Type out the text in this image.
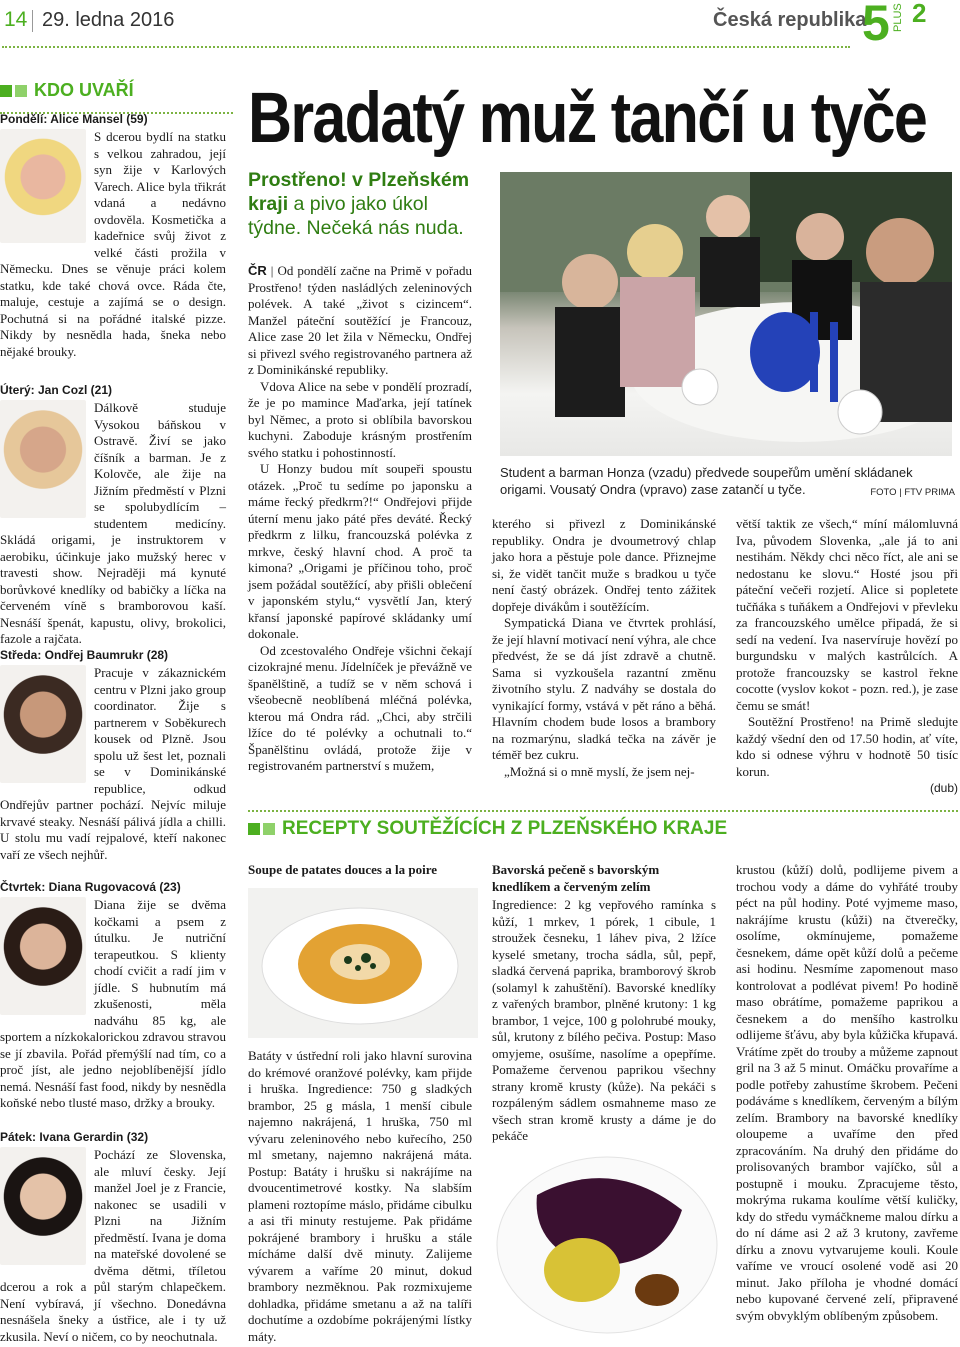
14 29. ledna 2016	Česká republika
5 PLUS 2
KDO UVAŘÍ
Pondělí: Alice Mansel (59)
S dcerou bydlí na statku s velkou zahradou, její syn žije v Karlových Varech. Alice byla třikrát vdaná a nedávno ovdověla. Kosmetička a kadeřnice svůj život z velké části prožila v Německu. Dnes se věnuje práci kolem statku, kde také chová ovce. Ráda čte, maluje, cestuje a zajímá se o design. Pochutná si na pořádné italské pizze. Nikdy by nesnědla hada, šneka nebo nějaké brouky.
Úterý: Jan Cozl (21)
Dálkově studuje Vysokou báňskou v Ostravě. Živí se jako číšník a barman. Je z Kolovče, ale žije na Jižním předměstí v Plzni se spolubydlícím – studentem medicíny. Skládá origami, je instruktorem v aerobiku, účinkuje jako mužský herec v travesti show. Nejraději má kynuté borůvkové knedlíky od babičky a líčka na červeném víně s bramborovou kaší. Nesnáší špenát, kapustu, olivy, brokolici, fazole a rajčata.
Středa: Ondřej Baumrukr (28)
Pracuje v zákaznickém centru v Plzni jako group coordinator. Žije s partnerem v Soběkurech kousek od Plzně. Jsou spolu už šest let, poznali se v Dominikánské republice, odkud Ondřejův partner pochází. Nejvíc miluje krvavé steaky. Nesnáší pálivá jídla a chilli. U stolu mu vadí rejpalové, kteří nakonec vaří ze všech nejhůř.
Čtvrtek: Diana Rugovacová (23)
Diana žije se dvěma kočkami a psem z útulku. Je nutriční terapeutkou. S klienty chodí cvičit a radí jim v jídle. S hubnutím má zkušenosti, měla nadváhu 85 kg, ale sportem a nízkokalorickou zdravou stravou se jí zbavila. Pořád přemýšlí nad tím, co a proč jíst, ale jedno nejoblíbenější jídlo nemá. Nesnáší fast food, nikdy by nesnědla koňské nebo tlusté maso, držky a brouky.
Pátek: Ivana Gerardin (32)
Pochází ze Slovenska, ale mluví česky. Její manžel Joel je z Francie, nakonec se usadili v Plzni na Jižním předměstí. Ivana je doma na mateřské dovolené se dvěma dětmi, tříletou dcerou a rok a půl starým chlapečkem. Není vybíravá, jí všechno. Donedávna nesnášela šneky a ústřice, ale i ty už zkusila. Neví o ničem, co by neochutnala.
Bradatý muž tančí u tyče
Prostřeno! v Plzeňském kraji a pivo jako úkol týdne. Nečeká nás nuda.

ČR | Od pondělí začne na Primě v pořadu Prostřeno! týden nasládlých zeleninových polévek. A také „život s cizincem“. Manžel páteční soutěžící je Francouz, Alice zase 20 let žila v Německu, Ondřej si přivezl svého registrovaného partnera až z Dominikánské republiky.

Vdova Alice na sebe v pondělí prozradí, že je po mamince Maďarka, její tatínek byl Němec, a proto si oblíbila bavorskou kuchyni. Zaboduje krásným prostřením svého statku i pohostinností.

U Honzy budou mít soupeři spoustu otázek. „Proč tu sedíme po japonsku a máme řecký předkrm?!“ Ondřejovi přijde úterní menu jako páté přes deváté. Řecký předkrm z lilku, francouzská polévka z mrkve, český hlavní chod. A proč ta kimona? „Origami je příčinou toho, proč jsem požádal soutěžící, aby přišli oblečení v japonském stylu,“ vysvětlí Jan, který křansí japonské papírové skládanky umí dokonale.

Od zcestovalého Ondřeje všichni čekají cizokrajné menu. Jídelníček je převážně ve španělštině, a tudíž se v něm schová i všeobecně neoblíbená mléčná polévka, kterou má Ondra rád. „Chci, aby strčili lžíce do té polévky a ochutnali to.“ Španělštinu ovládá, protože žije v registrovaném partnerství s mužem,

Student a barman Honza (vzadu) předvede soupeřům umění skládanek origami. Vousatý Ondra (vpravo) zase zatančí u tyče.	FOTO | FTV PRIMA

kterého si přivezl z Dominikánské republiky. Ondra je dvoumetrový chlap jako hora a pěstuje pole dance. Přiznejme si, že vidět tančit muže s bradkou u tyče není častý obrázek. Ondřej tento zážitek dopřeje divákům i soutěžícím.

Sympatická Diana ve čtvrtek prohlásí, že její hlavní motivací není výhra, ale chce předvést, že se dá jíst zdravě a chutně. Sama si vyzkoušela razantní změnu životního stylu. Z nadváhy se dostala do vynikající formy, vstává v pět ráno a běhá. Hlavním chodem bude losos a brambory na rozmarýnu, sladká tečka na závěr je téměř bez cukru.

„Možná si o mně myslí, že jsem nej-

větší taktik ze všech,“ míní málomluvná Iva, původem Slovenka, „ale já to ani nestihám. Někdy chci něco říct, ale ani se nedostanu ke slovu.“ Hosté jsou při páteční večeři rozjetí. Alice si popletete tučňáka s tuňákem a Ondřejovi v převleku za francouzského umělce připadá, že si sedí na vedení. Iva naservíruje hovězí po burgundsku v malých kastrůlcích. A protože francouzsky se kastrol řekne cocotte (vyslov kokot - pozn. red.), je zase čemu se smát!

Soutěžní Prostřeno! na Primě sledujte každý všední den od 17.50 hodin, ať víte, kdo si odnese výhru v hodnotě 50 tisíc korun.

(dub)

RECEPTY SOUTĚŽÍCÍCH Z PLZEŇSKÉHO KRAJE
Soupe de patates douces a la poire
Batáty v ústřední roli jako hlavní surovina do krémové oranžové polévky, kam přijde i hruška. Ingredience: 750 g sladkých brambor, 25 g másla, 1 menší cibule najemno nakrájená, 1 hruška, 750 ml vývaru zeleninového nebo kuřecího, 250 ml smetany, najemno nakrájená máta. Postup: Batáty i hrušku si nakrájíme na dvoucentimetrové kostky. Na slabším plameni roztopíme máslo, přidáme cibulku a asi tři minuty restujeme. Pak přidáme pokrájené brambory i hrušku a stále mícháme další dvě minuty. Zalijeme vývarem a vaříme 20 minut, dokud brambory nezměknou. Pak rozmixujeme dohladka, přidáme smetanu a až na talíři dochutíme a ozdobíme pokrájenými lístky máty.
Bavorská pečeně s bavorským knedlíkem a červeným zelím
Ingredience: 2 kg vepřového ramínka s kůží, 1 mrkev, 1 pórek, 1 cibule, 1 stroužek česneku, 1 láhev piva, 2 lžíce kyselé smetany, trocha sádla, sůl, pepř, sladká červená paprika, bramborový škrob (solamyl k zahuštění). Bavorské knedlíky z vařených brambor, plněné krutony: 1 kg brambor, 1 vejce, 100 g polohrubé mouky, sůl, krutony z bílého pečiva. Postup: Maso omyjeme, osušíme, nasolíme a opepříme. Pomažeme červenou paprikou všechny strany kromě krusty (kůže). Na pekáči s rozpáleným sádlem osmahneme maso ze všech stran kromě krusty a dáme je do pekáče
krustou (kůží) dolů, podlijeme pivem a trochou vody a dáme do vyhřáté trouby péct na půl hodiny. Poté vyjmeme maso, nakrájíme krustu (kůži) na čtverečky, osolíme, okmínujeme, pomažeme česnekem, dáme opět kůží dolů a pečeme asi hodinu. Nesmíme zapomenout maso kontrolovat a podlévat pivem! Po hodině maso obrátíme, pomažeme paprikou a česnekem a do menšího kastrolku odlijeme šťávu, aby byla kůžička křupavá. Vrátíme zpět do trouby a můžeme zapnout gril na 3 až 5 minut. Omáčku provaříme a podle potřeby zahustíme škrobem. Pečeni podáváme s knedlíkem, červeným a bílým zelím. Brambory na bavorské knedlíky oloupeme a uvaříme den před zpracováním. Na druhý den přidáme do prolisovaných brambor vajíčko, sůl a postupně i mouku. Zpracujeme těsto, mokrýma rukama koulíme větší kuličky, kdy do středu vymáčkneme malou dírku a do ní dáme asi 2 až 3 krutony, zavřeme dírku a znovu vytvarujeme kouli. Koule vaříme ve vroucí osolené vodě asi 20 minut. Jako příloha je vhodné domácí nebo kupované červené zelí, připravené svým obvyklým oblíbeným způsobem.
